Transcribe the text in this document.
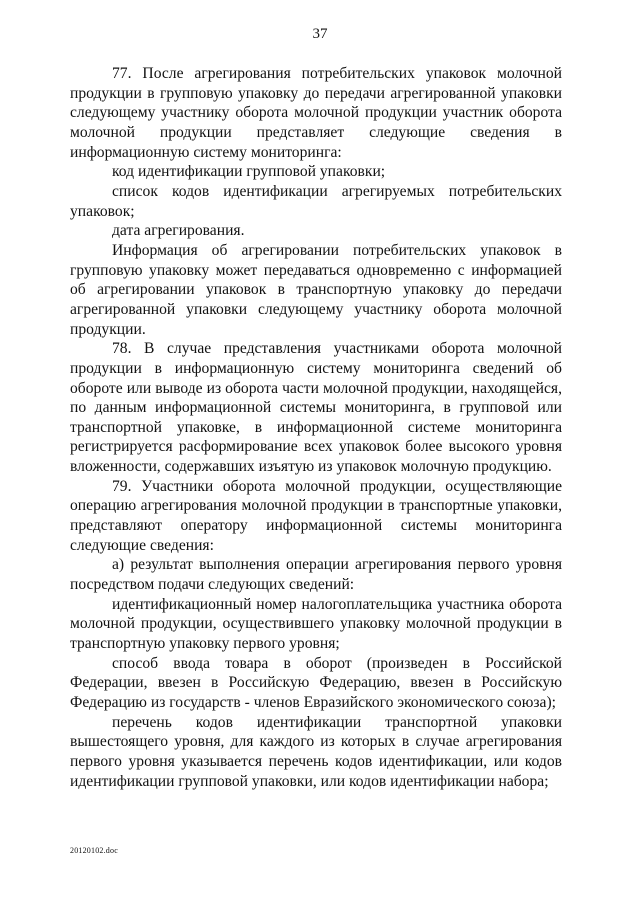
37

77. После агрегирования потребительских упаковок молочной продукции в групповую упаковку до передачи агрегированной упаковки следующему участнику оборота молочной продукции участник оборота молочной продукции представляет следующие сведения в информационную систему мониторинга:

код идентификации групповой упаковки;

список кодов идентификации агрегируемых потребительских упаковок;

дата агрегирования.

Информация об агрегировании потребительских упаковок в групповую упаковку может передаваться одновременно с информацией об агрегировании упаковок в транспортную упаковку до передачи агрегированной упаковки следующему участнику оборота молочной продукции.

78. В случае представления участниками оборота молочной продукции в информационную систему мониторинга сведений об обороте или выводе из оборота части молочной продукции, находящейся, по данным информационной системы мониторинга, в групповой или транспортной упаковке, в информационной системе мониторинга регистрируется расформирование всех упаковок более высокого уровня вложенности, содержавших изъятую из упаковок молочную продукцию.

79. Участники оборота молочной продукции, осуществляющие операцию агрегирования молочной продукции в транспортные упаковки, представляют оператору информационной системы мониторинга следующие сведения:

а) результат выполнения операции агрегирования первого уровня посредством подачи следующих сведений:

идентификационный номер налогоплательщика участника оборота молочной продукции, осуществившего упаковку молочной продукции в транспортную упаковку первого уровня;

способ ввода товара в оборот (произведен в Российской Федерации, ввезен в Российскую Федерацию, ввезен в Российскую Федерацию из государств - членов Евразийского экономического союза);

перечень кодов идентификации транспортной упаковки вышестоящего уровня, для каждого из которых в случае агрегирования первого уровня указывается перечень кодов идентификации, или кодов идентификации групповой упаковки, или кодов идентификации набора;

20120102.doc
